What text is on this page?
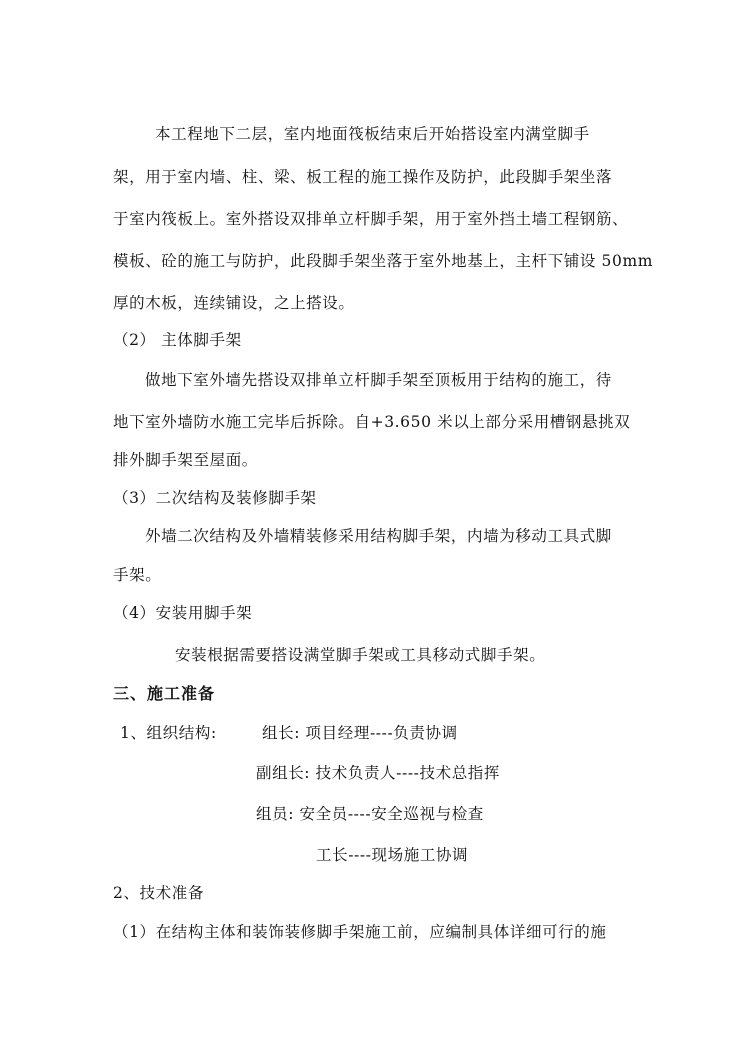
本工程地下二层，室内地面筏板结束后开始搭设室内满堂脚手
架，用于室内墙、柱、梁、板工程的施工操作及防护，此段脚手架坐落
于室内筏板上。室外搭设双排单立杆脚手架，用于室外挡土墙工程钢筋、
模板、砼的施工与防护，此段脚手架坐落于室外地基上，主杆下铺设 50mm
厚的木板，连续铺设，之上搭设。
（2） 主体脚手架
做地下室外墙先搭设双排单立杆脚手架至顶板用于结构的施工，待
地下室外墙防水施工完毕后拆除。自+3.650 米以上部分采用槽钢悬挑双
排外脚手架至屋面。
（3）二次结构及装修脚手架
外墙二次结构及外墙精装修采用结构脚手架，内墙为移动工具式脚
手架。
（4）安装用脚手架
安装根据需要搭设满堂脚手架或工具移动式脚手架。
三、施工准备
1、组织结构:	组长: 项目经理----负责协调
副组长: 技术负责人----技术总指挥
组员: 安全员----安全巡视与检查
工长----现场施工协调
2、技术准备
（1）在结构主体和装饰装修脚手架施工前，应编制具体详细可行的施
